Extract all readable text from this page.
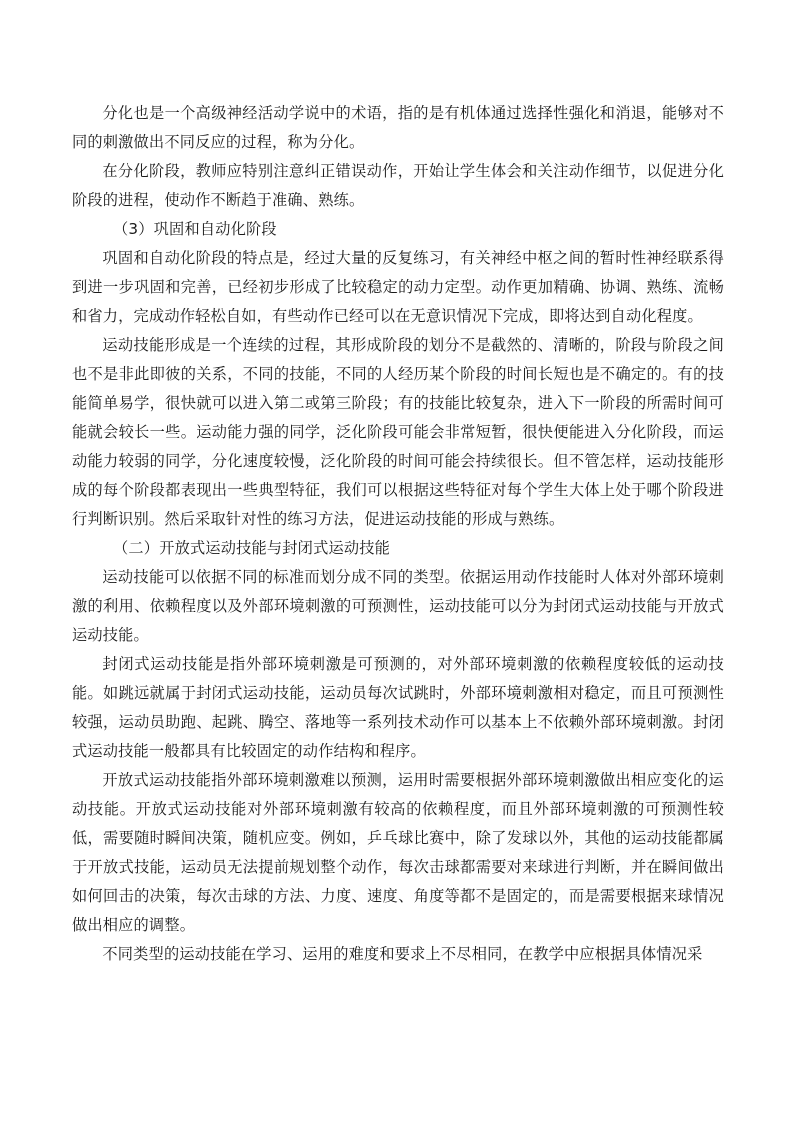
分化也是一个高级神经活动学说中的术语，指的是有机体通过选择性强化和消退，能够对不同的刺激做出不同反应的过程，称为分化。

在分化阶段，教师应特别注意纠正错误动作，开始让学生体会和关注动作细节，以促进分化阶段的进程，使动作不断趋于准确、熟练。

（3）巩固和自动化阶段

巩固和自动化阶段的特点是，经过大量的反复练习，有关神经中枢之间的暂时性神经联系得到进一步巩固和完善，已经初步形成了比较稳定的动力定型。动作更加精确、协调、熟练、流畅和省力，完成动作轻松自如，有些动作已经可以在无意识情况下完成，即将达到自动化程度。

运动技能形成是一个连续的过程，其形成阶段的划分不是截然的、清晰的，阶段与阶段之间也不是非此即彼的关系，不同的技能，不同的人经历某个阶段的时间长短也是不确定的。有的技能简单易学，很快就可以进入第二或第三阶段；有的技能比较复杂，进入下一阶段的所需时间可能就会较长一些。运动能力强的同学，泛化阶段可能会非常短暂，很快便能进入分化阶段，而运动能力较弱的同学，分化速度较慢，泛化阶段的时间可能会持续很长。但不管怎样，运动技能形成的每个阶段都表现出一些典型特征，我们可以根据这些特征对每个学生大体上处于哪个阶段进行判断识别。然后采取针对性的练习方法，促进运动技能的形成与熟练。

（二）开放式运动技能与封闭式运动技能

运动技能可以依据不同的标准而划分成不同的类型。依据运用动作技能时人体对外部环境刺激的利用、依赖程度以及外部环境刺激的可预测性，运动技能可以分为封闭式运动技能与开放式运动技能。

封闭式运动技能是指外部环境刺激是可预测的，对外部环境刺激的依赖程度较低的运动技能。如跳远就属于封闭式运动技能，运动员每次试跳时，外部环境刺激相对稳定，而且可预测性较强，运动员助跑、起跳、腾空、落地等一系列技术动作可以基本上不依赖外部环境刺激。封闭式运动技能一般都具有比较固定的动作结构和程序。

开放式运动技能指外部环境刺激难以预测，运用时需要根据外部环境刺激做出相应变化的运动技能。开放式运动技能对外部环境刺激有较高的依赖程度，而且外部环境刺激的可预测性较低，需要随时瞬间决策，随机应变。例如，乒乓球比赛中，除了发球以外，其他的运动技能都属于开放式技能，运动员无法提前规划整个动作，每次击球都需要对来球进行判断，并在瞬间做出如何回击的决策，每次击球的方法、力度、速度、角度等都不是固定的，而是需要根据来球情况做出相应的调整。

不同类型的运动技能在学习、运用的难度和要求上不尽相同，在教学中应根据具体情况采
